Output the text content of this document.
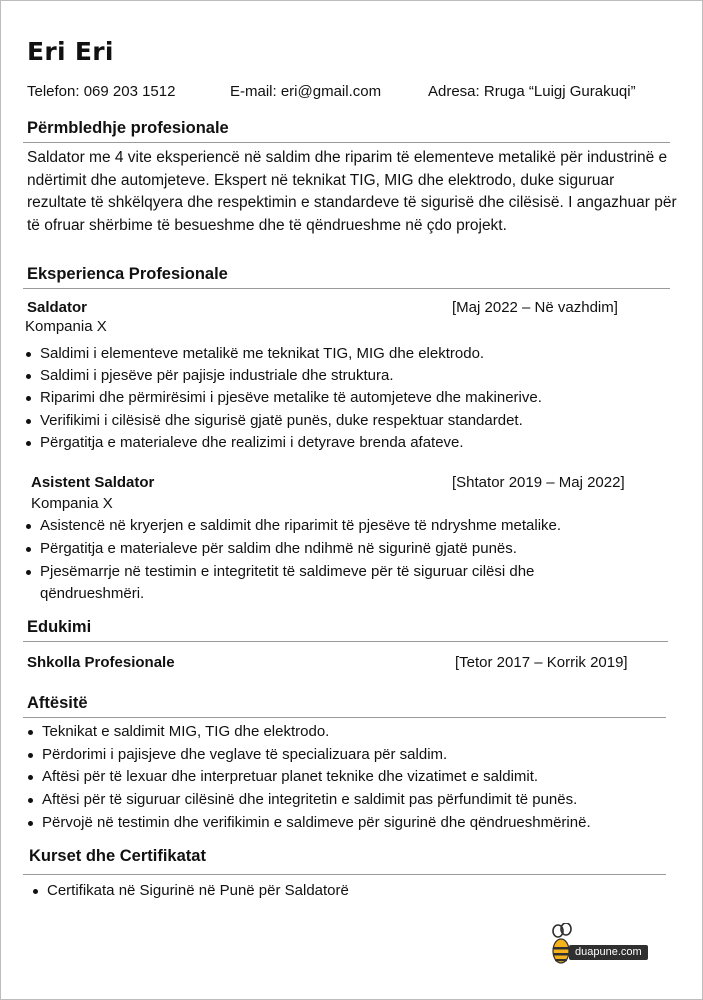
Eri Eri
Telefon: 069 203 1512	E-mail: eri@gmail.com	Adresa: Rruga “Luigj Gurakuqi”
Përmbledhje profesionale

Saldator me 4 vite eksperiencë në saldim dhe riparim të elementeve metalikë për industrinë e ndërtimit dhe automjeteve. Ekspert në teknikat TIG, MIG dhe elektrodo, duke siguruar rezultate të shkëlqyera dhe respektimin e standardeve të sigurisë dhe cilësisë. I angazhuar për të ofruar shërbime të besueshme dhe të qëndrueshme në çdo projekt.

Eksperienca Profesionale
Saldator	[Maj 2022 – Në vazhdim]
Kompania X
Saldimi i elementeve metalikë me teknikat TIG, MIG dhe elektrodo.
Saldimi i pjesëve për pajisje industriale dhe struktura.
Riparimi dhe përmirësimi i pjesëve metalike të automjeteve dhe makinerive.
Verifikimi i cilësisë dhe sigurisë gjatë punës, duke respektuar standardet.
Përgatitja e materialeve dhe realizimi i detyrave brenda afateve.
Asistent Saldator	[Shtator 2019 – Maj 2022]
Kompania X
Asistencë në kryerjen e saldimit dhe riparimit të pjesëve të ndryshme metalike.
Përgatitja e materialeve për saldim dhe ndihmë në sigurinë gjatë punës.
Pjesëmarrje në testimin e integritetit të saldimeve për të siguruar cilësi dhe qëndrueshmëri.
Edukimi
Shkolla Profesionale	[Tetor 2017 – Korrik 2019]
Aftësitë
Teknikat e saldimit MIG, TIG dhe elektrodo.
Përdorimi i pajisjeve dhe veglave të specializuara për saldim.
Aftësi për të lexuar dhe interpretuar planet teknike dhe vizatimet e saldimit.
Aftësi për të siguruar cilësinë dhe integritetin e saldimit pas përfundimit të punës.
Përvojë në testimin dhe verifikimin e saldimeve për sigurinë dhe qëndrueshmërinë.
Kurset dhe Certifikatat
Certifikata në Sigurinë në Punë për Saldatorë
duapune.com
